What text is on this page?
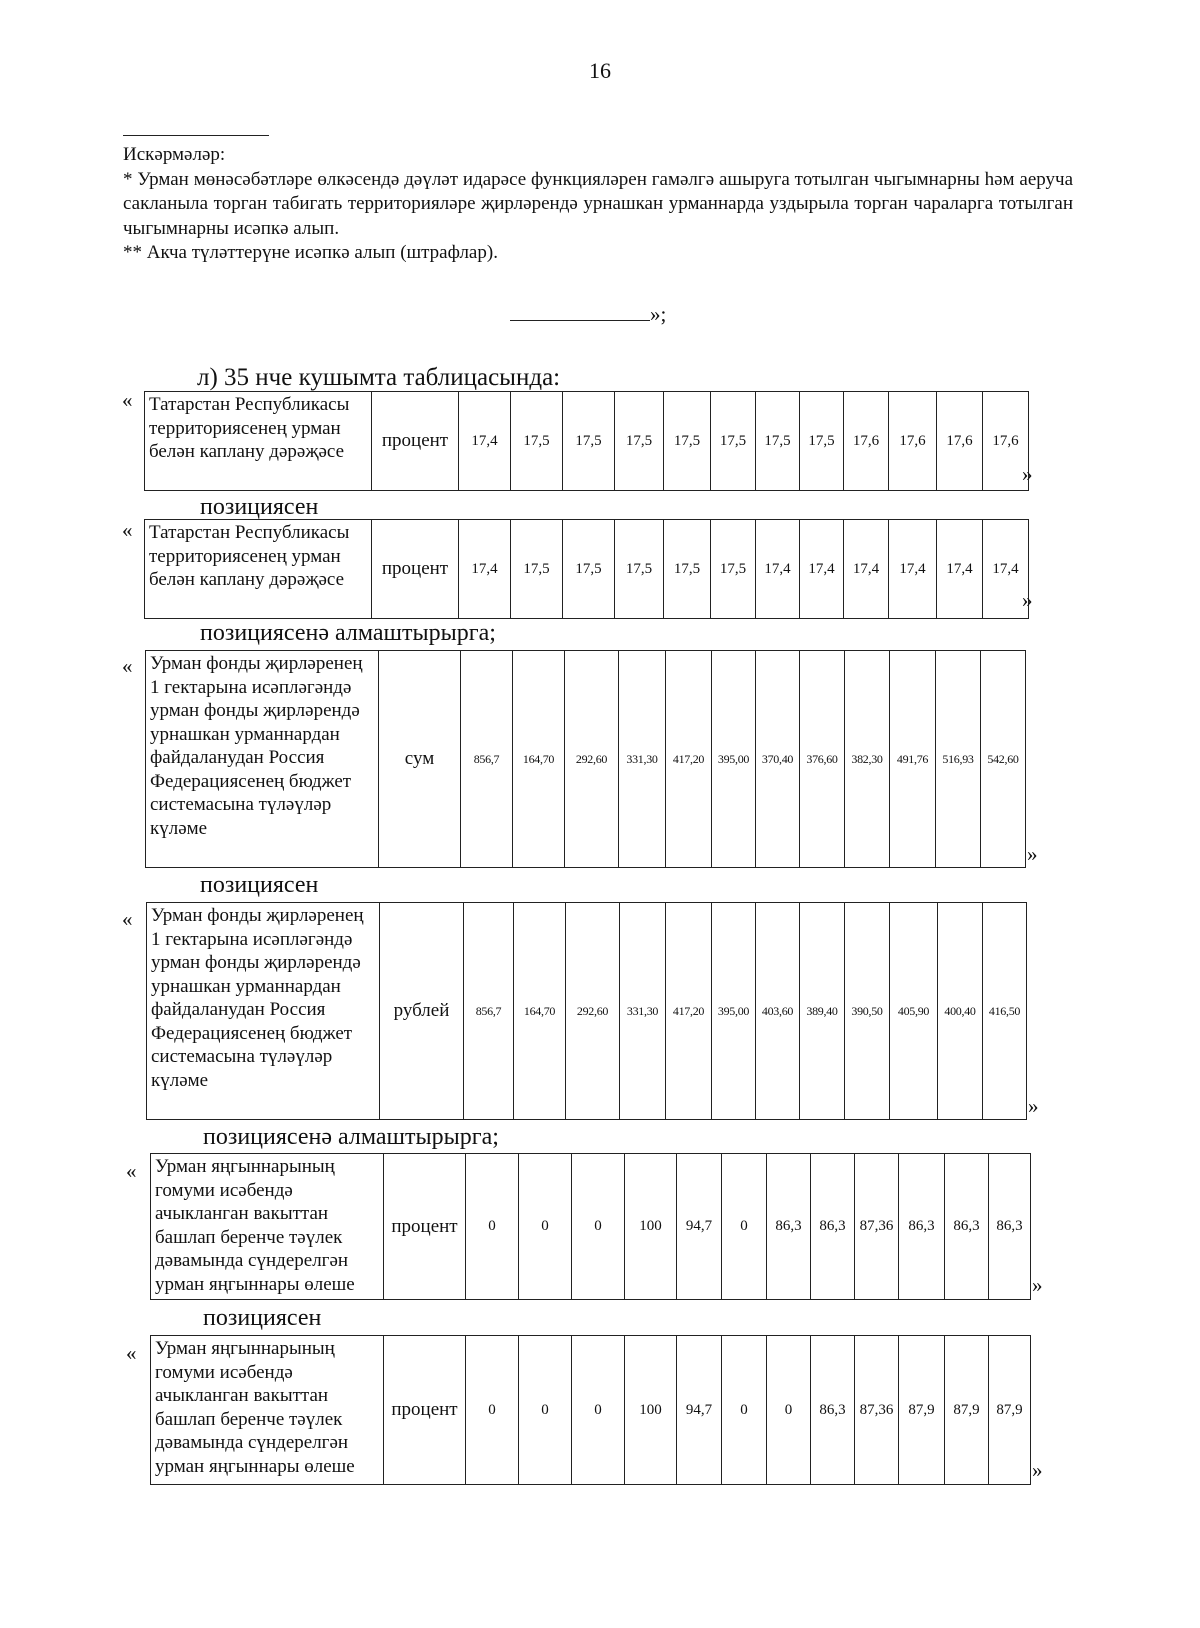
16

Искәрмәләр:

* Урман мөнәсәбәтләре өлкәсендә дәүләт идарәсе функцияләрен гамәлгә ашыруга тотылган чыгымнарны һәм аеруча сакланыла торган табигать территорияләре җирләрендә урнашкан урманнарда уздырыла торган чараларга тотылган чыгымнарны исәпкә алып.

** Акча түләттерүне исәпкә алып (штрафлар).

»;
л) 35 нче кушымта таблицасында:
« Татарстан Республикасы территориясенең урман белән каплану дәрәҗәсе	процент	17,4	17,5	17,5	17,5	17,5	17,5	17,5	17,5	17,6	17,6	17,6	17,6
»
позициясен
« Татарстан Республикасы территориясенең урман белән каплану дәрәҗәсе	процент	17,4	17,5	17,5	17,5	17,5	17,5	17,4	17,4	17,4	17,4	17,4	17,4
»
позициясенә алмаштырырга;
« Урман фонды җирләренең 1 гектарына исәпләгәндә урман фонды җирләрендә урнашкан урманнардан файдаланудан Россия Федерациясенең бюджет системасына түләүләр күләме	сум	856,7	164,70	292,60	331,30	417,20	395,00	370,40	376,60	382,30	491,76	516,93	542,60
»
позициясен
« Урман фонды җирләренең 1 гектарына исәпләгәндә урман фонды җирләрендә урнашкан урманнардан файдаланудан Россия Федерациясенең бюджет системасына түләүләр күләме	рублей	856,7	164,70	292,60	331,30	417,20	395,00	403,60	389,40	390,50	405,90	400,40	416,50
»
позициясенә алмаштырырга;
« Урман яңгыннарының гомуми исәбендә ачыкланган вакыттан башлап беренче тәүлек дәвамында сүндерелгән урман яңгыннары өлеше	процент	0	0	0	100	94,7	0	86,3	86,3	87,36	86,3	86,3	86,3
»
позициясен
« Урман яңгыннарының гомуми исәбендә ачыкланган вакыттан башлап беренче тәүлек дәвамында сүндерелгән урман яңгыннары өлеше	процент	0	0	0	100	94,7	0	0	86,3	87,36	87,9	87,9	87,9
»
